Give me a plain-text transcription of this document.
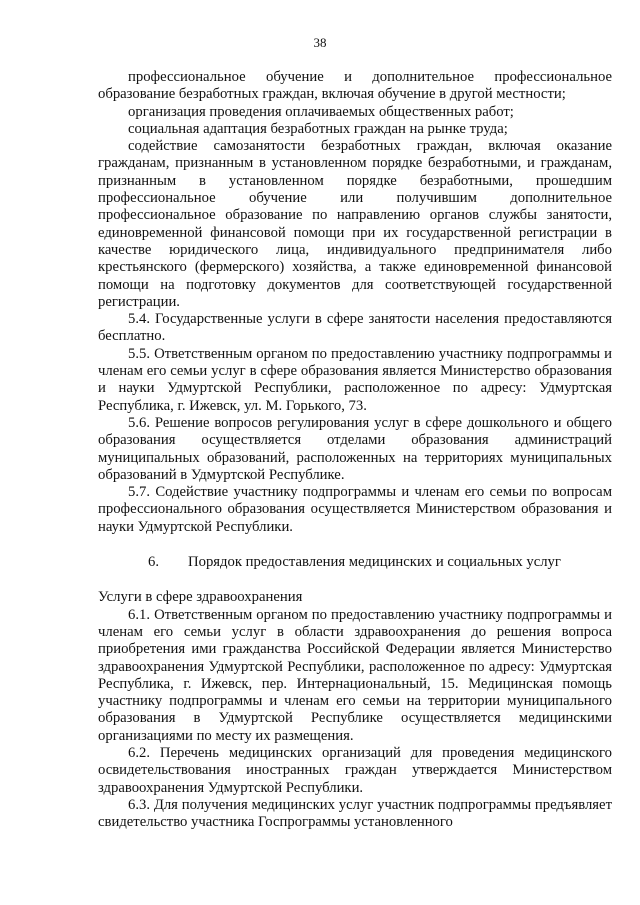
38

профессиональное обучение и дополнительное профессиональное образование безработных граждан, включая обучение в другой местности;

организация проведения оплачиваемых общественных работ;

социальная адаптация безработных граждан на рынке труда;

содействие самозанятости безработных граждан, включая оказание гражданам, признанным в установленном порядке безработными, и гражданам, признанным в установленном порядке безработными, прошедшим профессиональное обучение или получившим дополнительное профессиональное образование по направлению органов службы занятости, единовременной финансовой помощи при их государственной регистрации в качестве юридического лица, индивидуального предпринимателя либо крестьянского (фермерского) хозяйства, а также единовременной финансовой помощи на подготовку документов для соответствующей государственной регистрации.

5.4. Государственные услуги в сфере занятости населения предоставляются бесплатно.

5.5. Ответственным органом по предоставлению участнику подпрограммы и членам его семьи услуг в сфере образования является Министерство образования и науки Удмуртской Республики, расположенное по адресу: Удмуртская Республика, г. Ижевск, ул. М. Горького, 73.

5.6. Решение вопросов регулирования услуг в сфере дошкольного и общего образования осуществляется отделами образования администраций муниципальных образований, расположенных на территориях муниципальных образований в Удмуртской Республике.

5.7. Содействие участнику подпрограммы и членам его семьи по вопросам профессионального образования осуществляется Министерством образования и науки Удмуртской Республики.

6. Порядок предоставления медицинских и социальных услуг

Услуги в сфере здравоохранения

6.1. Ответственным органом по предоставлению участнику подпрограммы и членам его семьи услуг в области здравоохранения до решения вопроса приобретения ими гражданства Российской Федерации является Министерство здравоохранения Удмуртской Республики, расположенное по адресу: Удмуртская Республика, г. Ижевск, пер. Интернациональный, 15. Медицинская помощь участнику подпрограммы и членам его семьи на территории муниципального образования в Удмуртской Республике осуществляется медицинскими организациями по месту их размещения.

6.2. Перечень медицинских организаций для проведения медицинского освидетельствования иностранных граждан утверждается Министерством здравоохранения Удмуртской Республики.

6.3. Для получения медицинских услуг участник подпрограммы предъявляет свидетельство участника Госпрограммы установленного
